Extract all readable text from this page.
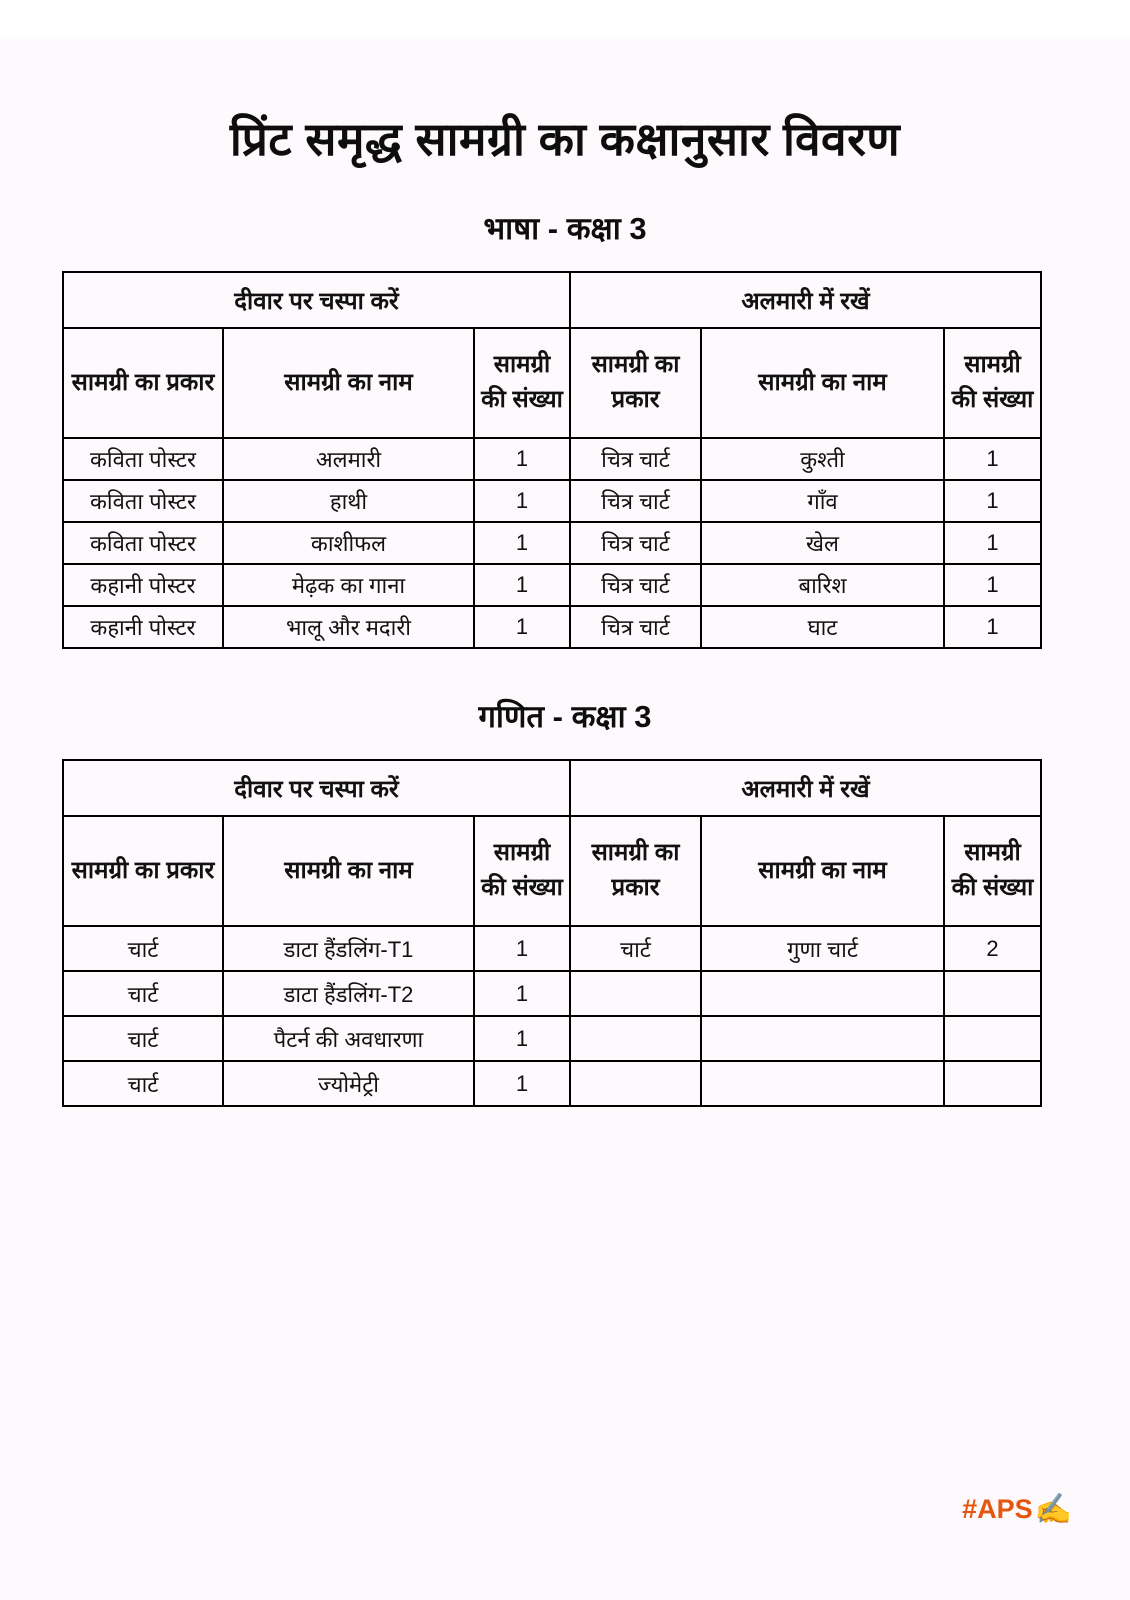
प्रिंट समृद्ध सामग्री का कक्षानुसार विवरण
भाषा - कक्षा 3
दीवार पर चस्पा करें			अलमारी में रखें		
सामग्री का प्रकार	सामग्री का नाम	सामग्री की संख्या	सामग्री का प्रकार	सामग्री का नाम	सामग्री की संख्या
कविता पोस्टर	अलमारी	1	चित्र चार्ट	कुश्ती	1
कविता पोस्टर	हाथी	1	चित्र चार्ट	गाँव	1
कविता पोस्टर	काशीफल	1	चित्र चार्ट	खेल	1
कहानी पोस्टर	मेढ़क का गाना	1	चित्र चार्ट	बारिश	1
कहानी पोस्टर	भालू और मदारी	1	चित्र चार्ट	घाट	1
गणित - कक्षा 3
दीवार पर चस्पा करें			अलमारी में रखें		
सामग्री का प्रकार	सामग्री का नाम	सामग्री की संख्या	सामग्री का प्रकार	सामग्री का नाम	सामग्री की संख्या
चार्ट	डाटा हैंडलिंग-T1	1	चार्ट	गुणा चार्ट	2
चार्ट	डाटा हैंडलिंग-T2	1			
चार्ट	पैटर्न की अवधारणा	1			
चार्ट	ज्योमेट्री	1			
#APS ✍️
